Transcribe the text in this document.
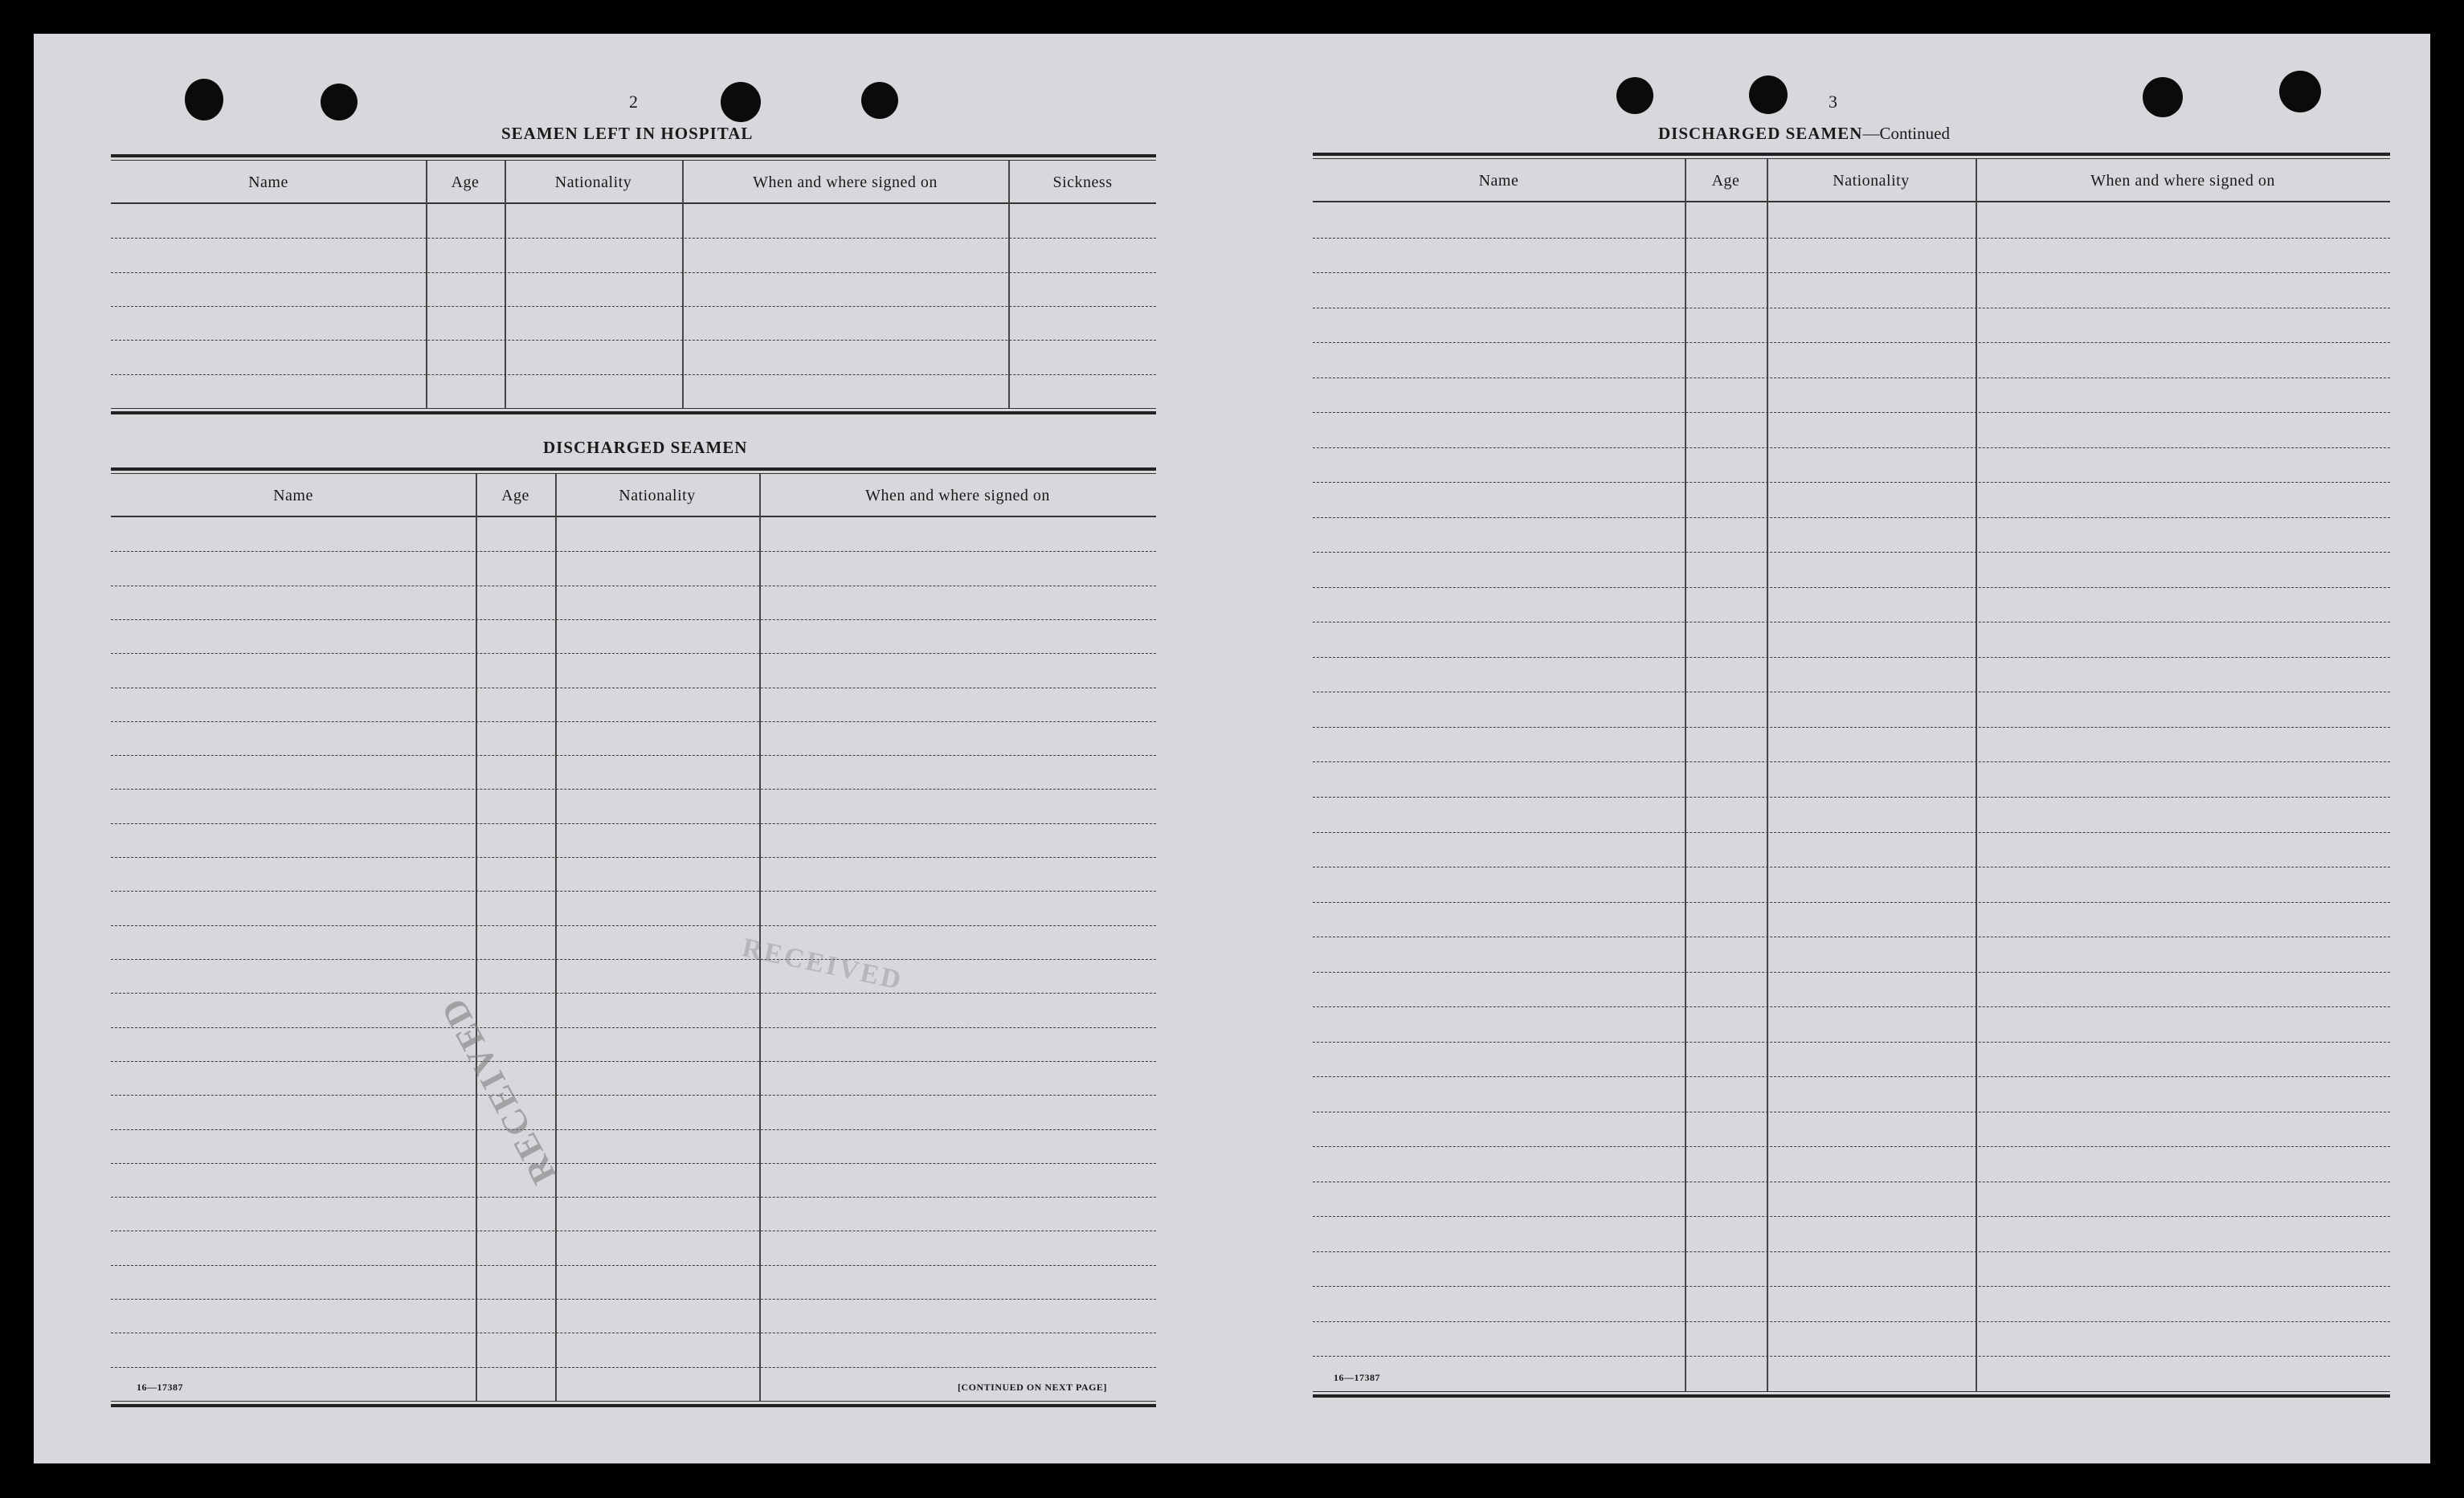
2
SEAMEN LEFT IN HOSPITAL
Name	Age	Nationality	When and where signed on	Sickness
DISCHARGED SEAMEN
Name	Age	Nationality	When and where signed on
16—17387	[CONTINUED ON NEXT PAGE]
RECEIVED
RECEIVED
3
DISCHARGED SEAMEN—Continued
Name	Age	Nationality	When and where signed on
16—17387
